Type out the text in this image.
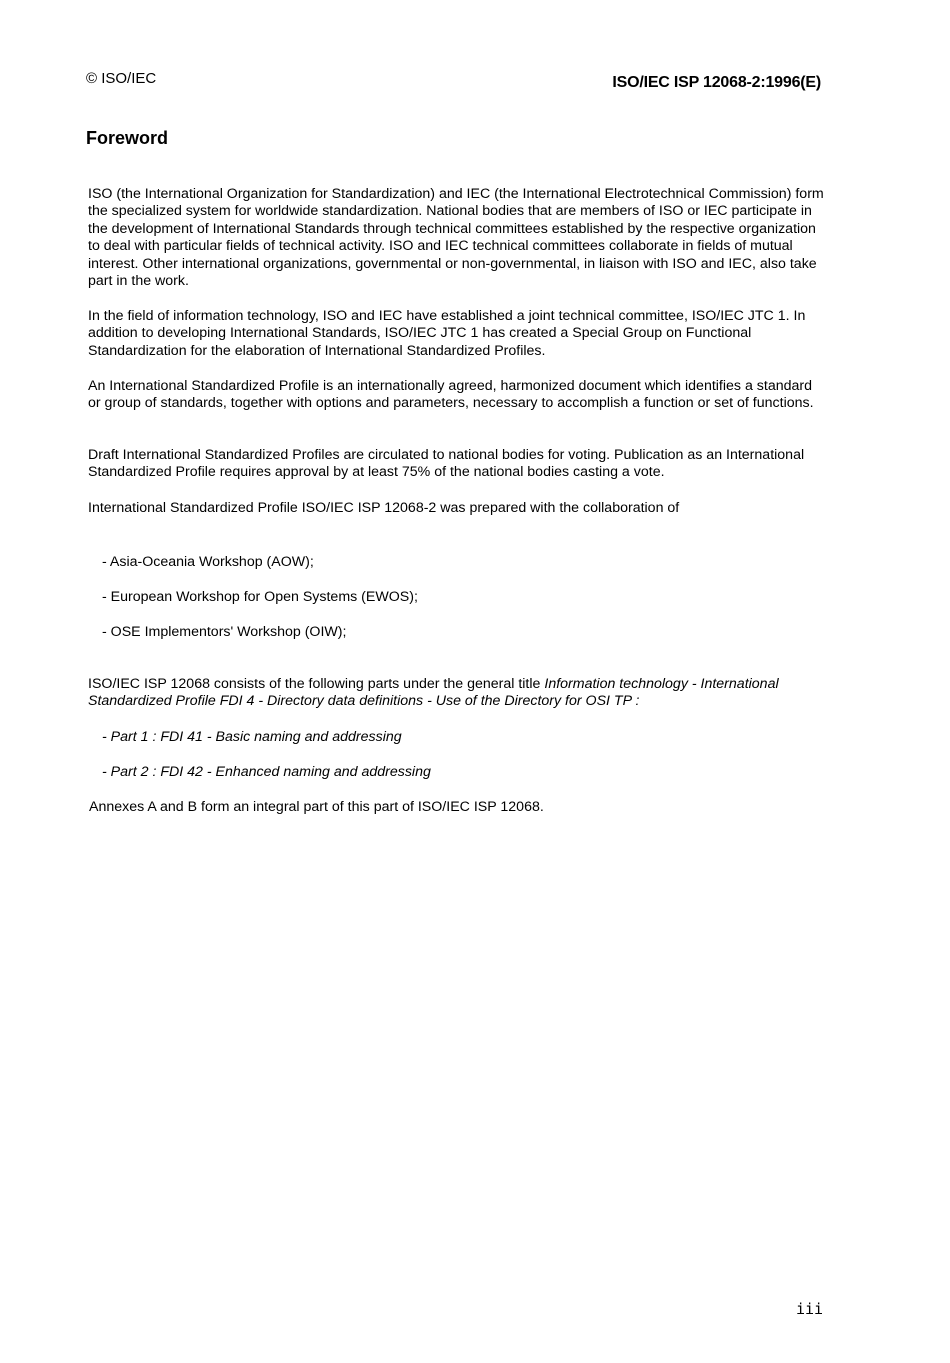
© ISO/IEC	ISO/IEC ISP 12068-2:1996(E)
Foreword

ISO (the International Organization for Standardization) and IEC (the International Electrotechnical Commission) form the specialized system for worldwide standardization. National bodies that are members of ISO or IEC participate in the development of International Standards through technical committees established by the respective organization to deal with particular fields of technical activity. ISO and IEC technical committees collaborate in fields of mutual interest. Other international organizations, governmental or non-governmental, in liaison with ISO and IEC, also take part in the work.

In the field of information technology, ISO and IEC have established a joint technical committee, ISO/IEC JTC 1. In addition to developing International Standards, ISO/IEC JTC 1 has created a Special Group on Functional Standardization for the elaboration of International Standardized Profiles.

An International Standardized Profile is an internationally agreed, harmonized document which identifies a standard or group of standards, together with options and parameters, necessary to accomplish a function or set of functions.

Draft International Standardized Profiles are circulated to national bodies for voting. Publication as an International Standardized Profile requires approval by at least 75% of the national bodies casting a vote.

International Standardized Profile ISO/IEC ISP 12068-2 was prepared with the collaboration of

- Asia-Oceania Workshop (AOW);

- European Workshop for Open Systems (EWOS);

- OSE Implementors' Workshop (OIW);

ISO/IEC ISP 12068 consists of the following parts under the general title Information technology - International Standardized Profile FDI 4 - Directory data definitions - Use of the Directory for OSI TP :

- Part 1 : FDI 41 - Basic naming and addressing

- Part 2 : FDI 42 - Enhanced naming and addressing

Annexes A and B form an integral part of this part of ISO/IEC ISP 12068.

iii
